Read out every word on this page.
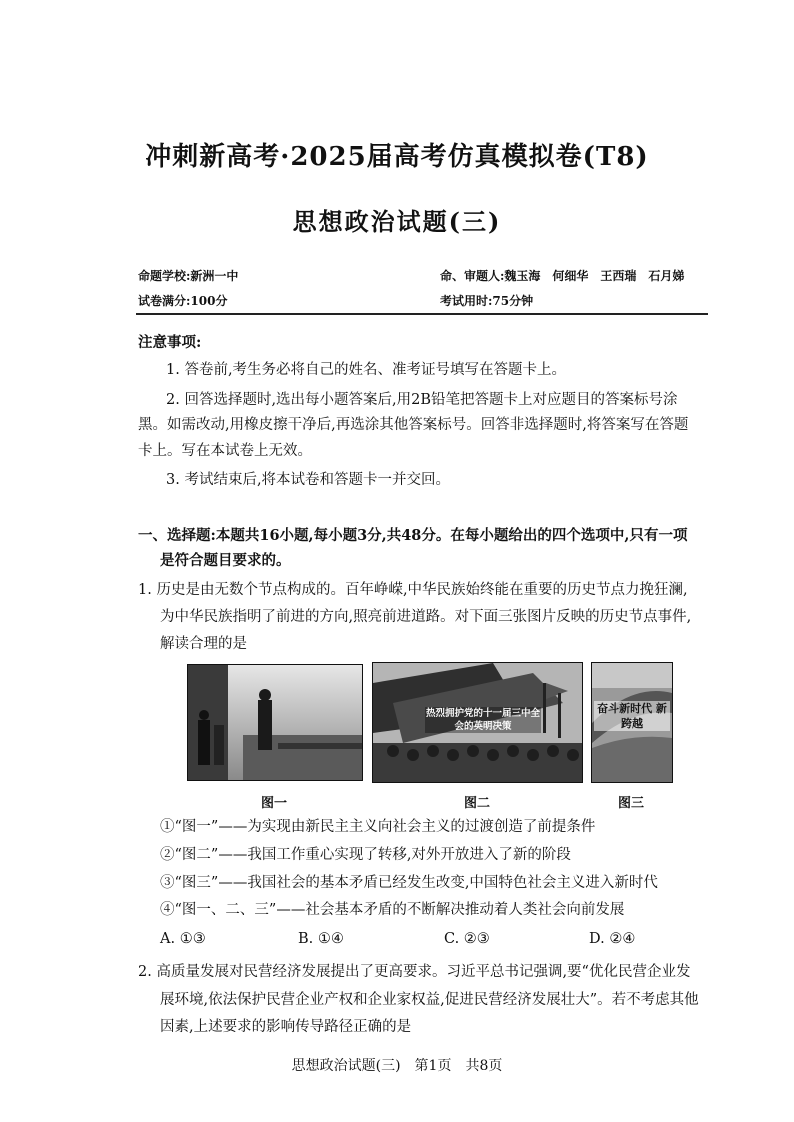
冲刺新高考·2025届高考仿真模拟卷(T8)
思想政治试题(三)
命题学校:新洲一中	命、审题人:魏玉海　何细华　王西瑞　石月娣
试卷满分:100分	考试用时:75分钟
注意事项:
1. 答卷前,考生务必将自己的姓名、准考证号填写在答题卡上。
2. 回答选择题时,选出每小题答案后,用2B铅笔把答题卡上对应题目的答案标号涂
黑。如需改动,用橡皮擦干净后,再选涂其他答案标号。回答非选择题时,将答案写在答题
卡上。写在本试卷上无效。
3. 考试结束后,将本试卷和答题卡一并交回。
一、选择题:本题共16小题,每小题3分,共48分。在每小题给出的四个选项中,只有一项
是符合题目要求的。
1. 历史是由无数个节点构成的。百年峥嵘,中华民族始终能在重要的历史节点力挽狂澜,
为中华民族指明了前进的方向,照亮前进道路。对下面三张图片反映的历史节点事件,
解读合理的是
图一
热烈拥护党的十一届三中全会的英明决策
图二
奋斗新时代 新跨越
图三
①“图一”——为实现由新民主主义向社会主义的过渡创造了前提条件
②“图二”——我国工作重心实现了转移,对外开放进入了新的阶段
③“图三”——我国社会的基本矛盾已经发生改变,中国特色社会主义进入新时代
④“图一、二、三”——社会基本矛盾的不断解决推动着人类社会向前发展
A. ①③	B. ①④	C. ②③	D. ②④
2. 高质量发展对民营经济发展提出了更高要求。习近平总书记强调,要“优化民营企业发
展环境,依法保护民营企业产权和企业家权益,促进民营经济发展壮大”。若不考虑其他
因素,上述要求的影响传导路径正确的是
思想政治试题(三)　第1页　共8页
